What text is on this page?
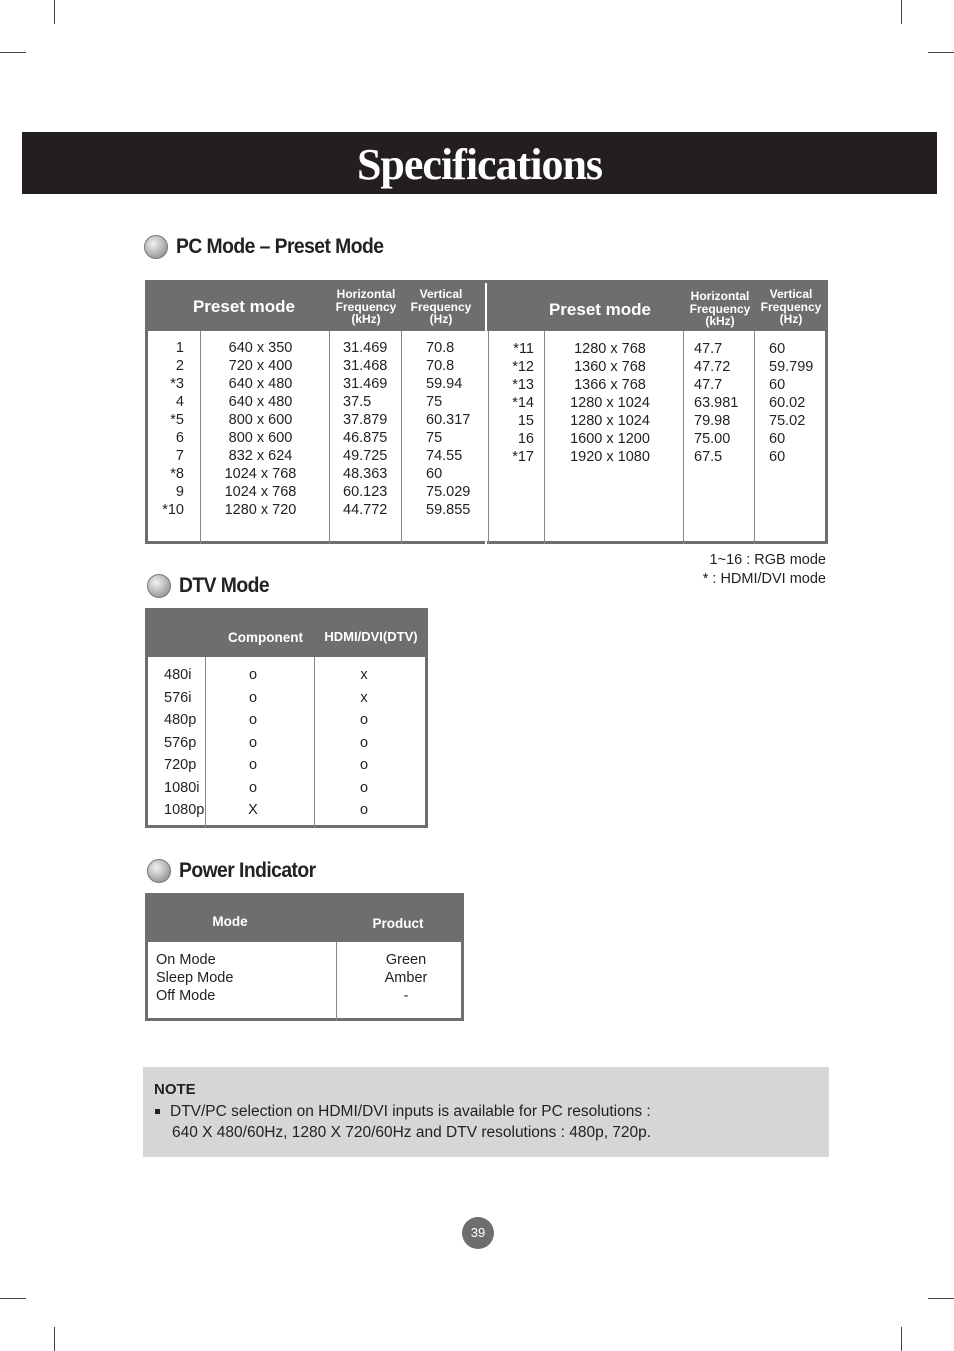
Specifications
PC Mode – Preset Mode
Preset mode
Horizontal Frequency (kHz)
Vertical Frequency (Hz)
Preset mode
Horizontal Frequency (kHz)
Vertical Frequency (Hz)
1
2
*3
4
*5
6
7
*8
9
*10
640 x 350
720 x 400
640 x 480
640 x 480
800 x 600
800 x 600
832 x 624
1024 x 768
1024 x 768
1280 x 720
31.469
31.468
31.469
37.5
37.879
46.875
49.725
48.363
60.123
44.772
70.8
70.8
59.94
75
60.317
75
74.55
60
75.029
59.855
*11
*12
*13
*14
15
16
*17
1280 x 768
1360 x 768
1366 x 768
1280 x 1024
1280 x 1024
1600 x 1200
1920 x 1080
47.7
47.72
47.7
63.981
79.98
75.00
67.5
60
59.799
60
60.02
75.02
60
60
1~16 : RGB mode
* : HDMI/DVI mode
DTV Mode
Component	HDMI/DVI(DTV)
480i
576i
480p
576p
720p
1080i
1080p
o
o
o
o
o
o
X
x
x
o
o
o
o
o
Power Indicator
Mode	Product
On Mode
Sleep Mode
Off Mode
Green
Amber
-
NOTE
DTV/PC selection on HDMI/DVI inputs is available for PC resolutions :
640 X 480/60Hz, 1280 X 720/60Hz and DTV resolutions : 480p, 720p.
39
